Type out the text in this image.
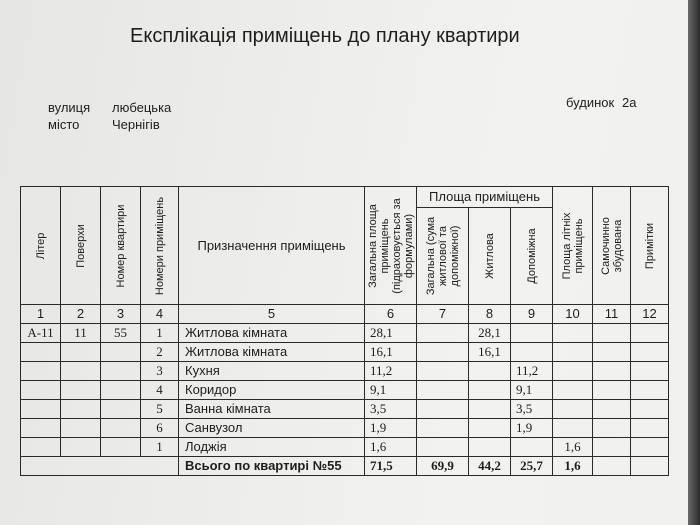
Експлікація приміщень до плану квартири
вулиця любецька
місто	Чернігів
будинок 2а
Літер	Поверхи	Номер квартири	Номери приміщень	Призначення приміщень	Загальна площа приміщень (підраховується за формулами)	Площа приміщень			Площа літніх приміщень	Самочинно збудована	Примітки

						Загальна (сума житлової та допоміжної)	Житлова	Допоміжна			

1	2	3	4	5	6	7	8	9	10	11	12
А-11	11	55	1	Житлова кімната	28,1		28,1				
			2	Житлова кімната	16,1		16,1				
			3	Кухня	11,2			11,2			
			4	Коридор	9,1			9,1			
			5	Ванна кімната	3,5			3,5			
			6	Санвузол	1,9			1,9			
			1	Лоджія	1,6				1,6		
				Всього по квартирі №55	71,5	69,9	44,2	25,7	1,6		
